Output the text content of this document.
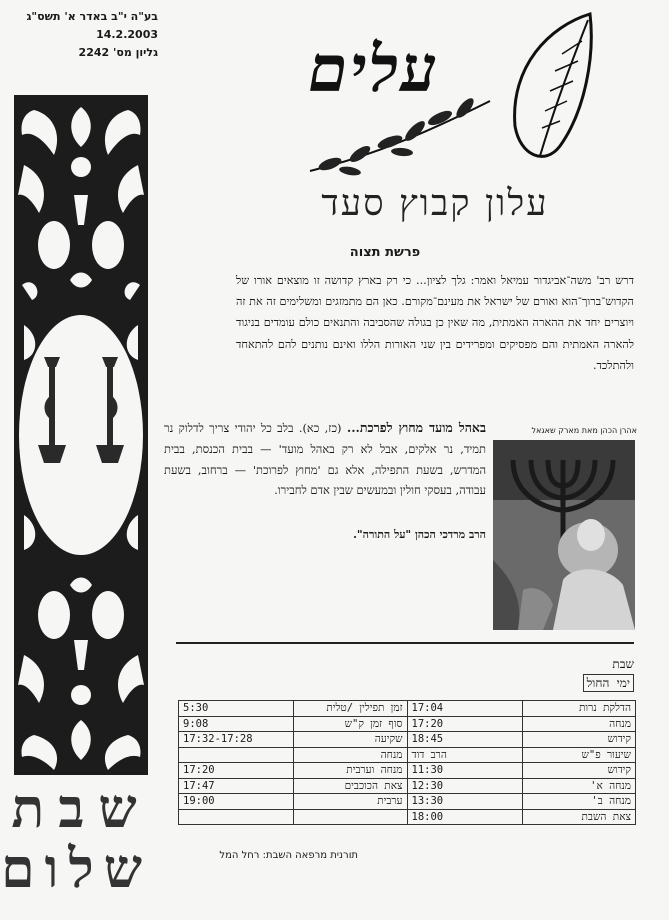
בע"ה י"ב באדר א' תשס"ג
14.2.2003
גליון מס' 2242
שבת
שלום
עלים
עלון קבוץ סעד
פרשת תצוה
דרש רב' משה־אביגדור עמיאל ואמר: גלך לציון... כי רק בארץ קדושה זו מוצאים אורו של הקדוש־ברוך־הוא ואורם של ישראל את מעינם־מקורם. כאן הם מתמזגים ומשלימים זה את זה ויוצרים יחד את ההארה האמתית, מה שאין כן בגולה שהסביבה והתנאים כולם עומדים בניגוד להארה האמתית והם מפסיקים ומפרידים בין שני האורות הללו ואינם נותנים להם להתאחד ולהתלכד.
אהרן הכהן מאת מארק שאגאל
באהל מועד מחוץ לפרכת... (כז, כא). בלב כל יהודי צריך לדלוק נר תמיד, נר אלקים, אבל לא רק באהל מועד' — בבית הכנסת, בבית המדרש, בשעת התפילה, אלא גם 'מחוץ לפרוכת' — ברחוב, בשעת עבודה, בעסקי חולין ובמעשים שבין אדם לחבירו.
הרב מרדכי הכהן "על התורה".
שבת
ימי החול
הדלקת נרות	17:04	זמן תפילין /טלית	5:30
מנחה	17:20	סוף זמן ק"ש	9:08
קידוש	18:45	שקיעה	17:32-17:28
שיעור פ"ש	הרב דוד	מנחה	
קידוש	11:30	מנחה וערבית	17:20
מנחה א'	12:30	צאת הכוכבים	17:47
מנחה ב'	13:30	ערבית	19:00
צאת השבת	18:00		
תורנית מרפאה השבת: רחל המל
